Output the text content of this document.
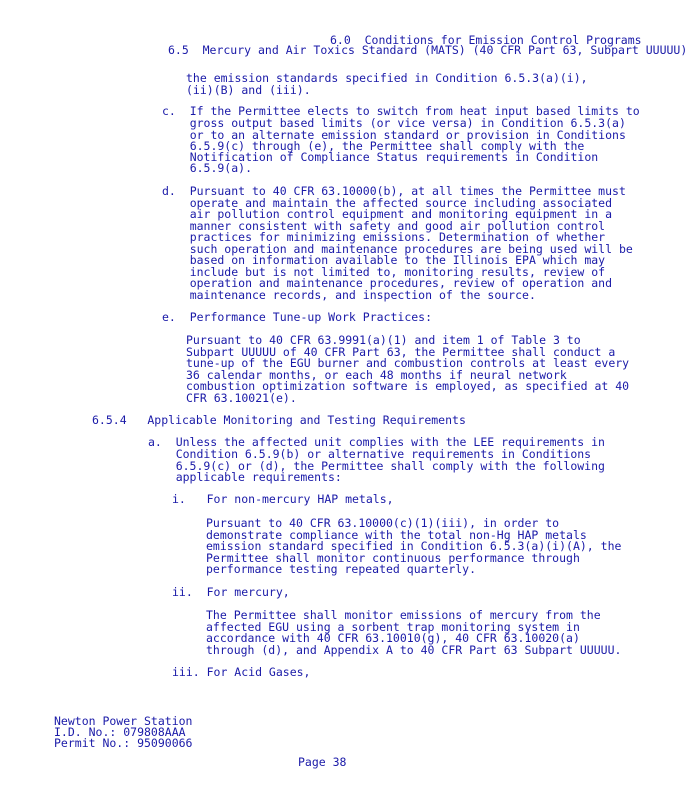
6.0  Conditions for Emission Control Programs
6.5  Mercury and Air Toxics Standard (MATS) (40 CFR Part 63, Subpart UUUUU)
the emission standards specified in Condition 6.5.3(a)(i),
(ii)(B) and (iii).
c.  If the Permittee elects to switch from heat input based limits to
gross output based limits (or vice versa) in Condition 6.5.3(a)
or to an alternate emission standard or provision in Conditions
6.5.9(c) through (e), the Permittee shall comply with the
Notification of Compliance Status requirements in Condition
6.5.9(a).
d.  Pursuant to 40 CFR 63.10000(b), at all times the Permittee must
operate and maintain the affected source including associated
air pollution control equipment and monitoring equipment in a
manner consistent with safety and good air pollution control
practices for minimizing emissions. Determination of whether
such operation and maintenance procedures are being used will be
based on information available to the Illinois EPA which may
include but is not limited to, monitoring results, review of
operation and maintenance procedures, review of operation and
maintenance records, and inspection of the source.
e.  Performance Tune-up Work Practices:
Pursuant to 40 CFR 63.9991(a)(1) and item 1 of Table 3 to
Subpart UUUUU of 40 CFR Part 63, the Permittee shall conduct a
tune-up of the EGU burner and combustion controls at least every
36 calendar months, or each 48 months if neural network
combustion optimization software is employed, as specified at 40
CFR 63.10021(e).
6.5.4   Applicable Monitoring and Testing Requirements
a.  Unless the affected unit complies with the LEE requirements in
Condition 6.5.9(b) or alternative requirements in Conditions
6.5.9(c) or (d), the Permittee shall comply with the following
applicable requirements:
i.   For non-mercury HAP metals,
Pursuant to 40 CFR 63.10000(c)(1)(iii), in order to
demonstrate compliance with the total non-Hg HAP metals
emission standard specified in Condition 6.5.3(a)(i)(A), the
Permittee shall monitor continuous performance through
performance testing repeated quarterly.
ii.  For mercury,
The Permittee shall monitor emissions of mercury from the
affected EGU using a sorbent trap monitoring system in
accordance with 40 CFR 63.10010(g), 40 CFR 63.10020(a)
through (d), and Appendix A to 40 CFR Part 63 Subpart UUUUU.
iii. For Acid Gases,
Newton Power Station
I.D. No.: 079808AAA
Permit No.: 95090066
Page 38
